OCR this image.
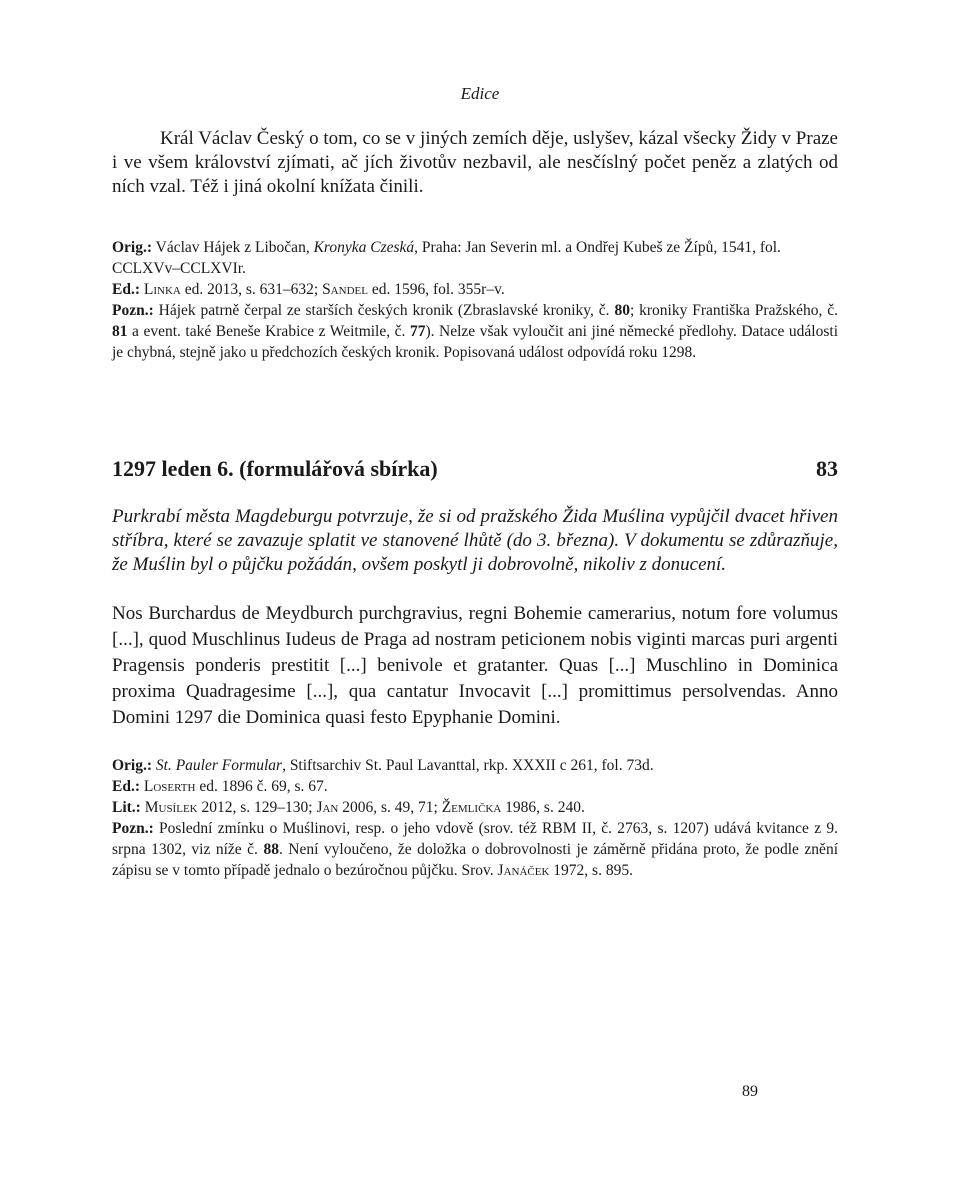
Edice

Král Václav Český o tom, co se v jiných zemích děje, uslyšev, kázal všecky Židy v Praze i ve všem království zjímati, ač jích životův nezbavil, ale nesčíslný počet peněz a zlatých od ních vzal. Též i jiná okolní knížata činili.

Orig.: Václav Hájek z Libočan, Kronyka Czeská, Praha: Jan Severin ml. a Ondřej Kubeš ze Žípů, 1541, fol. CCLXVv–CCLXVIr.

Ed.: Linka ed. 2013, s. 631–632; Sandel ed. 1596, fol. 355r–v.

Pozn.: Hájek patrně čerpal ze starších českých kronik (Zbraslavské kroniky, č. 80; kroniky Františka Pražského, č. 81 a event. také Beneše Krabice z Weitmile, č. 77). Nelze však vyloučit ani jiné německé předlohy. Datace události je chybná, stejně jako u předchozích českých kronik. Popisovaná událost odpovídá roku 1298.

1297 leden 6. (formulářová sbírka)	83

Purkrabí města Magdeburgu potvrzuje, že si od pražského Žida Muślina vypůjčil dvacet hřiven stříbra, které se zavazuje splatit ve stanovené lhůtě (do 3. března). V dokumentu se zdůrazňuje, že Muślin byl o půjčku požádán, ovšem poskytl ji dobrovolně, nikoliv z donucení.

Nos Burchardus de Meydburch purchgravius, regni Bohemie camerarius, notum fore volumus [...], quod Muschlinus Iudeus de Praga ad nostram peticionem nobis viginti marcas puri argenti Pragensis ponderis prestitit [...] benivole et gratanter. Quas [...] Muschlino in Dominica proxima Quadragesime [...], qua cantatur Invocavit [...] promittimus persolvendas. Anno Domini 1297 die Dominica quasi festo Epyphanie Domini.

Orig.: St. Pauler Formular, Stiftsarchiv St. Paul Lavanttal, rkp. XXXII c 261, fol. 73d.

Ed.: Loserth ed. 1896 č. 69, s. 67.

Lit.: Musílek 2012, s. 129–130; Jan 2006, s. 49, 71; Žemlička 1986, s. 240.

Pozn.: Poslední zmínku o Muślinovi, resp. o jeho vdově (srov. též RBM II, č. 2763, s. 1207) udává kvitance z 9. srpna 1302, viz níže č. 88. Není vyloučeno, že doložka o dobrovolnosti je záměrně přidána proto, že podle znění zápisu se v tomto případě jednalo o bezúročnou půjčku. Srov. Janáček 1972, s. 895.

89
